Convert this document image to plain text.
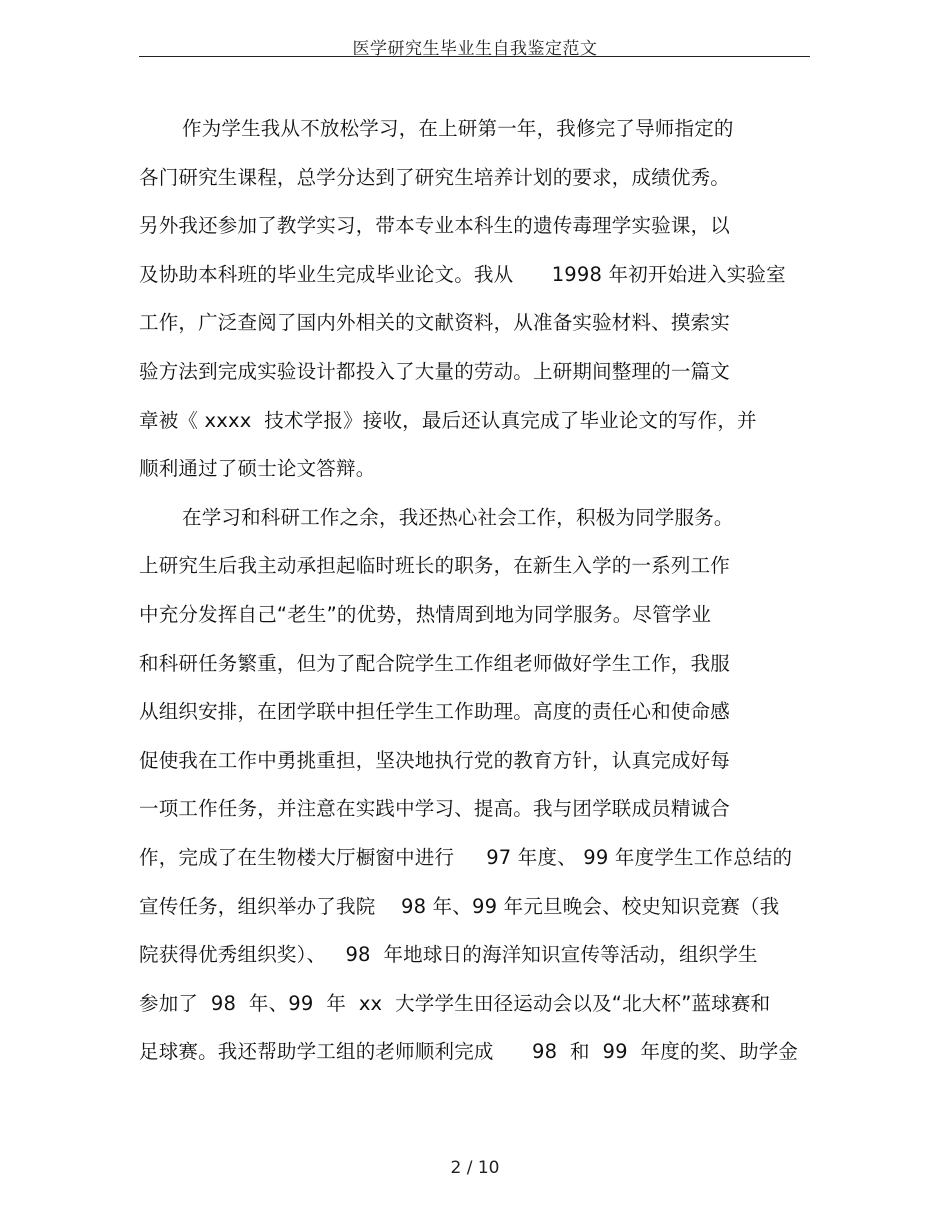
医学研究生毕业生自我鉴定范文
作为学生我从不放松学习，在上研第一年，我修完了导师指定的
各门研究生课程，总学分达到了研究生培养计划的要求，成绩优秀。
另外我还参加了教学实习，带本专业本科生的遗传毒理学实验课，以
及协助本科班的毕业生完成毕业论文。我从      1998 年初开始进入实验室
工作，广泛查阅了国内外相关的文献资料，从准备实验材料、摸索实
验方法到完成实验设计都投入了大量的劳动。上研期间整理的一篇文
章被《 xxxx  技术学报》接收，最后还认真完成了毕业论文的写作，并
顺利通过了硕士论文答辩。
在学习和科研工作之余，我还热心社会工作，积极为同学服务。
上研究生后我主动承担起临时班长的职务，在新生入学的一系列工作
中充分发挥自己“老生”的优势，热情周到地为同学服务。尽管学业
和科研任务繁重，但为了配合院学生工作组老师做好学生工作，我服
从组织安排，在团学联中担任学生工作助理。高度的责任心和使命感
促使我在工作中勇挑重担，坚决地执行党的教育方针，认真完成好每
一项工作任务，并注意在实践中学习、提高。我与团学联成员精诚合
作，完成了在生物楼大厅橱窗中进行     97 年度、 99 年度学生工作总结的
宣传任务，组织举办了我院    98 年、99 年元旦晚会、校史知识竞赛（我
院获得优秀组织奖）、   98  年地球日的海洋知识宣传等活动，组织学生
参加了  98  年、99  年  xx  大学学生田径运动会以及“北大杯”蓝球赛和
足球赛。我还帮助学工组的老师顺利完成      98  和  99  年度的奖、助学金
2 / 10
